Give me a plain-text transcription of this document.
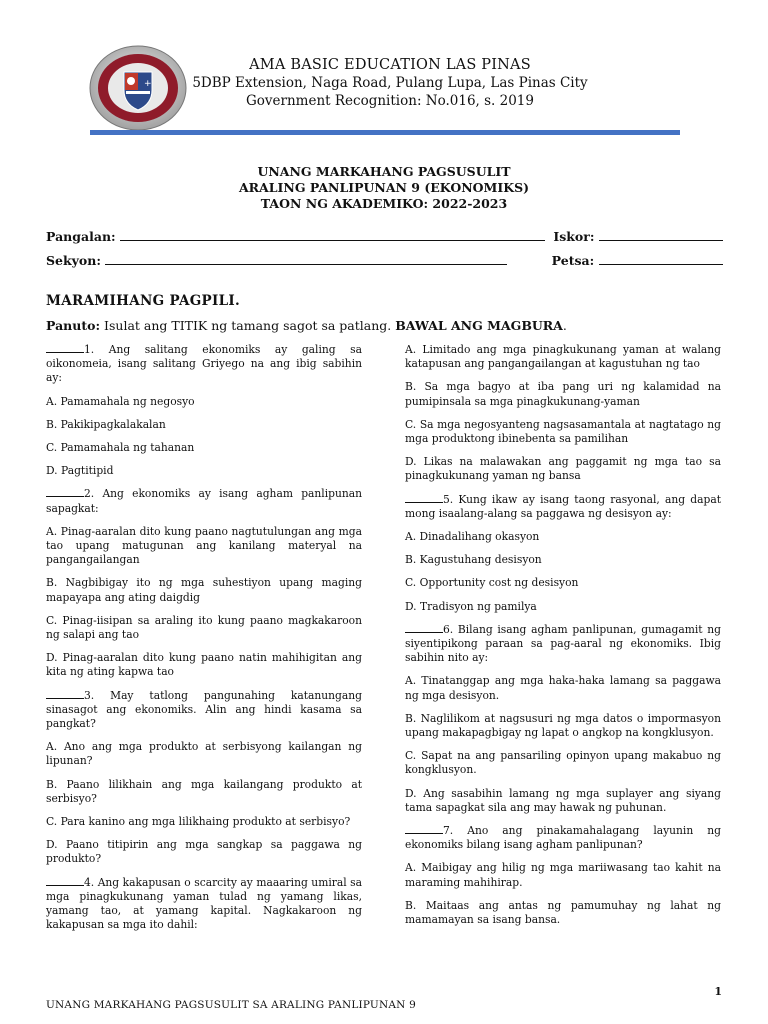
+
AMA BASIC EDUCATION LAS PINAS
5DBP Extension, Naga Road, Pulang Lupa, Las Pinas City
Government Recognition: No.016, s. 2019
UNANG MARKAHANG PAGSUSULIT
ARALING PANLIPUNAN 9 (EKONOMIKS)
TAON NG AKADEMIKO: 2022-2023
Pangalan:	Iskor:
Sekyon:	Petsa:
MARAMIHANG PAGPILI.
Panuto: Isulat ang TITIK ng tamang sagot sa patlang. BAWAL ANG MAGBURA.
1. Ang salitang ekonomiks ay galing sa oikonomeia, isang salitang Griyego na ang ibig sabihin ay:
A. Pamamahala ng negosyo
B. Pakikipagkalakalan
C. Pamamahala ng tahanan
D. Pagtitipid
2. Ang ekonomiks ay isang agham panlipunan sapagkat:
A. Pinag-aaralan dito kung paano nagtutulungan ang mga tao upang matugunan ang kanilang materyal na pangangailangan
B. Nagbibigay ito ng mga suhestiyon upang maging mapayapa ang ating daigdig
C. Pinag-iisipan sa araling ito kung paano magkakaroon ng salapi ang tao
D. Pinag-aaralan dito kung paano natin mahihigitan ang kita ng ating kapwa tao
3. May tatlong pangunahing katanungang sinasagot ang ekonomiks. Alin ang hindi kasama sa pangkat?
A. Ano ang mga produkto at serbisyong kailangan ng lipunan?
B. Paano lilikhain ang mga kailangang produkto at serbisyo?
C. Para kanino ang mga lilikhaing produkto at serbisyo?
D. Paano titipirin ang mga sangkap sa paggawa ng produkto?
4. Ang kakapusan o scarcity ay maaaring umiral sa mga pinagkukunang yaman tulad ng yamang likas, yamang tao, at yamang kapital. Nagkakaroon ng kakapusan sa mga ito dahil:
A. Limitado ang mga pinagkukunang yaman at walang katapusan ang pangangailangan at kagustuhan ng tao
B. Sa mga bagyo at iba pang uri ng kalamidad na pumipinsala sa mga pinagkukunang-yaman
C. Sa mga negosyanteng nagsasamantala at nagtatago ng mga produktong ibinebenta sa pamilihan
D. Likas na malawakan ang paggamit ng mga tao sa pinagkukunang yaman ng bansa
5. Kung ikaw ay isang taong rasyonal, ang dapat mong isaalang-alang sa paggawa ng desisyon ay:
A. Dinadalihang okasyon
B. Kagustuhang desisyon
C. Opportunity cost ng desisyon
D. Tradisyon ng pamilya
6. Bilang isang agham panlipunan, gumagamit ng siyentipikong paraan sa pag-aaral ng ekonomiks. Ibig sabihin nito ay:
A. Tinatanggap ang mga haka-haka lamang sa paggawa ng mga desisyon.
B. Naglilikom at nagsusuri ng mga datos o impormasyon upang makapagbigay ng lapat o angkop na kongklusyon.
C. Sapat na ang pansariling opinyon upang makabuo ng kongklusyon.
D. Ang sasabihin lamang ng mga suplayer ang siyang tama sapagkat sila ang may hawak ng puhunan.
7. Ano ang pinakamahalagang layunin ng ekonomiks bilang isang agham panlipunan?
A. Maibigay ang hilig ng mga mariiwasang tao kahit na maraming mahihirap.
B. Maitaas ang antas ng pamumuhay ng lahat ng mamamayan sa isang bansa.
UNANG MARKAHANG PAGSUSULIT SA ARALING PANLIPUNAN 9
1
